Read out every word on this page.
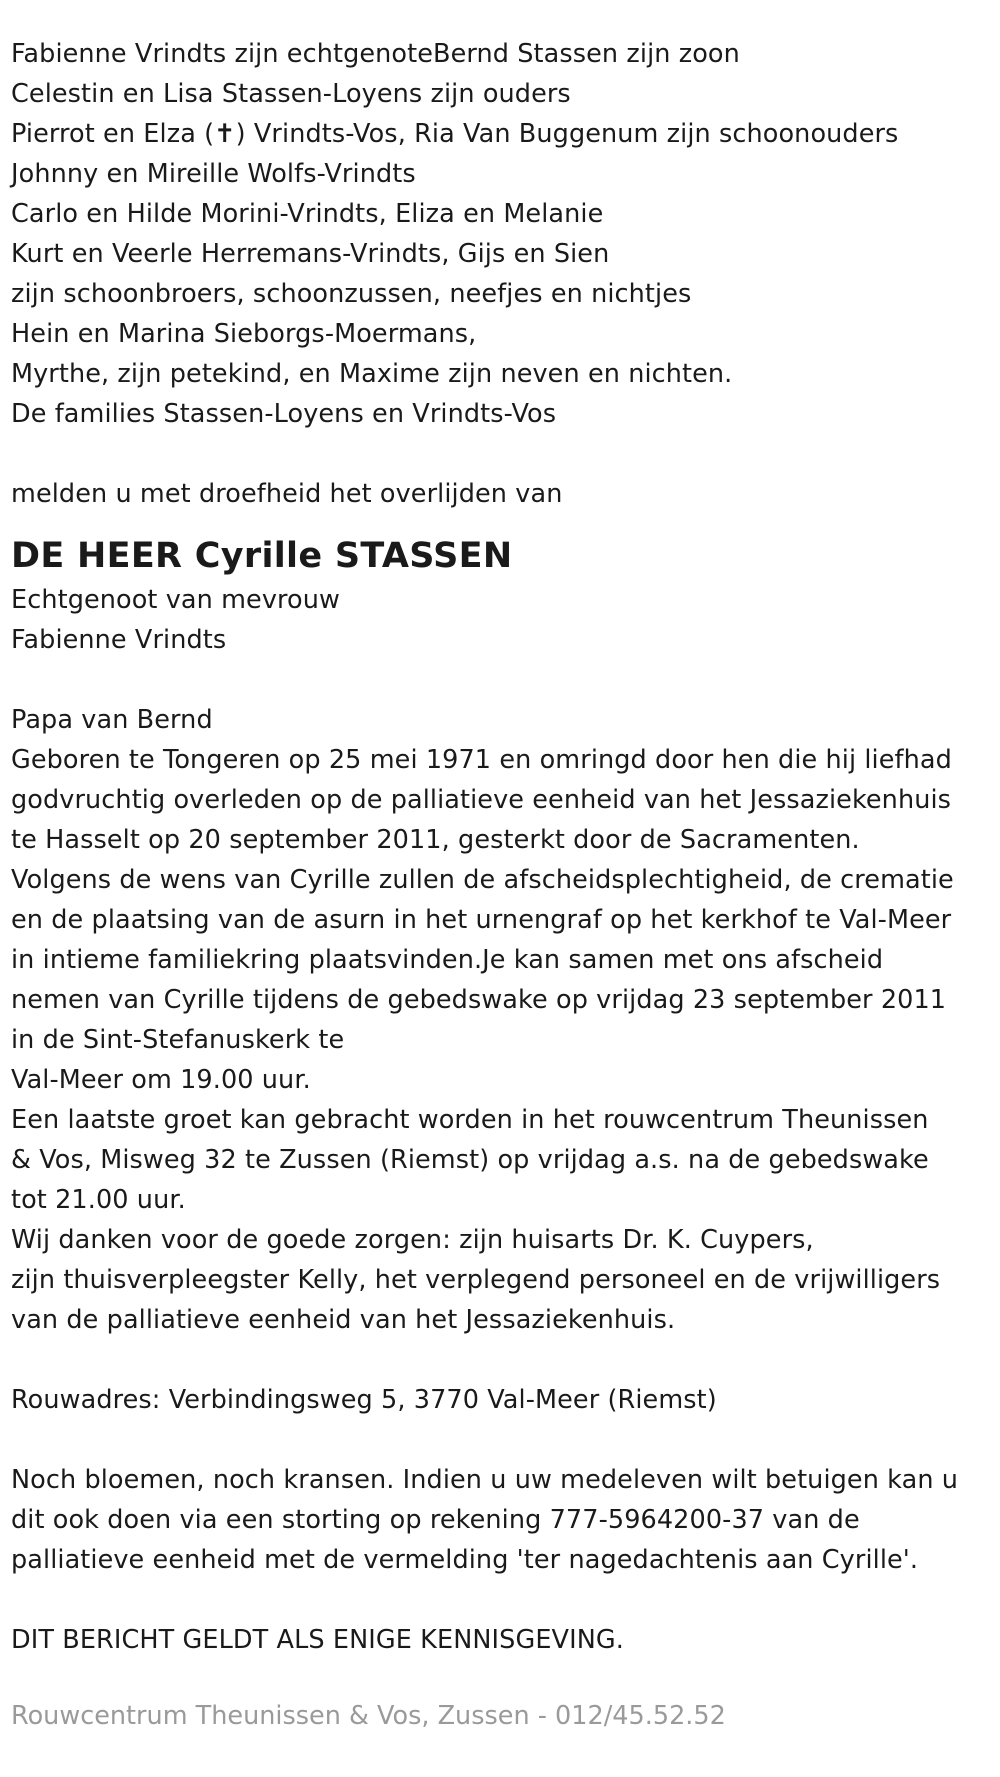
Fabienne Vrindts zijn echtgenoteBernd Stassen zijn zoon
Celestin en Lisa Stassen-Loyens zijn ouders
Pierrot en Elza (✝) Vrindts-Vos, Ria Van Buggenum zijn schoonouders
Johnny en Mireille Wolfs-Vrindts
Carlo en Hilde Morini-Vrindts, Eliza en Melanie
Kurt en Veerle Herremans-Vrindts, Gijs en Sien
zijn schoonbroers, schoonzussen, neefjes en nichtjes
Hein en Marina Sieborgs-Moermans,
Myrthe, zijn petekind, en Maxime zijn neven en nichten.
De families Stassen-Loyens en Vrindts-Vos
melden u met droefheid het overlijden van
DE HEER Cyrille STASSEN
Echtgenoot van mevrouw
Fabienne Vrindts
Papa van Bernd
Geboren te Tongeren op 25 mei 1971 en omringd door hen die hij liefhad
godvruchtig overleden op de palliatieve eenheid van het Jessaziekenhuis
te Hasselt op 20 september 2011, gesterkt door de Sacramenten.
Volgens de wens van Cyrille zullen de afscheidsplechtigheid, de crematie
en de plaatsing van de asurn in het urnengraf op het kerkhof te Val-Meer
in intieme familiekring plaatsvinden.Je kan samen met ons afscheid
nemen van Cyrille tijdens de gebedswake op vrijdag 23 september 2011
in de Sint-Stefanuskerk te
Val-Meer om 19.00 uur.
Een laatste groet kan gebracht worden in het rouwcentrum Theunissen
& Vos, Misweg 32 te Zussen (Riemst) op vrijdag a.s. na de gebedswake
tot 21.00 uur.
Wij danken voor de goede zorgen: zijn huisarts Dr. K. Cuypers,
zijn thuisverpleegster Kelly, het verplegend personeel en de vrijwilligers
van de palliatieve eenheid van het Jessaziekenhuis.
Rouwadres: Verbindingsweg 5, 3770 Val-Meer (Riemst)
Noch bloemen, noch kransen. Indien u uw medeleven wilt betuigen kan u
dit ook doen via een storting op rekening 777-5964200-37 van de
palliatieve eenheid met de vermelding 'ter nagedachtenis aan Cyrille'.
DIT BERICHT GELDT ALS ENIGE KENNISGEVING.
Rouwcentrum Theunissen & Vos, Zussen - 012/45.52.52
